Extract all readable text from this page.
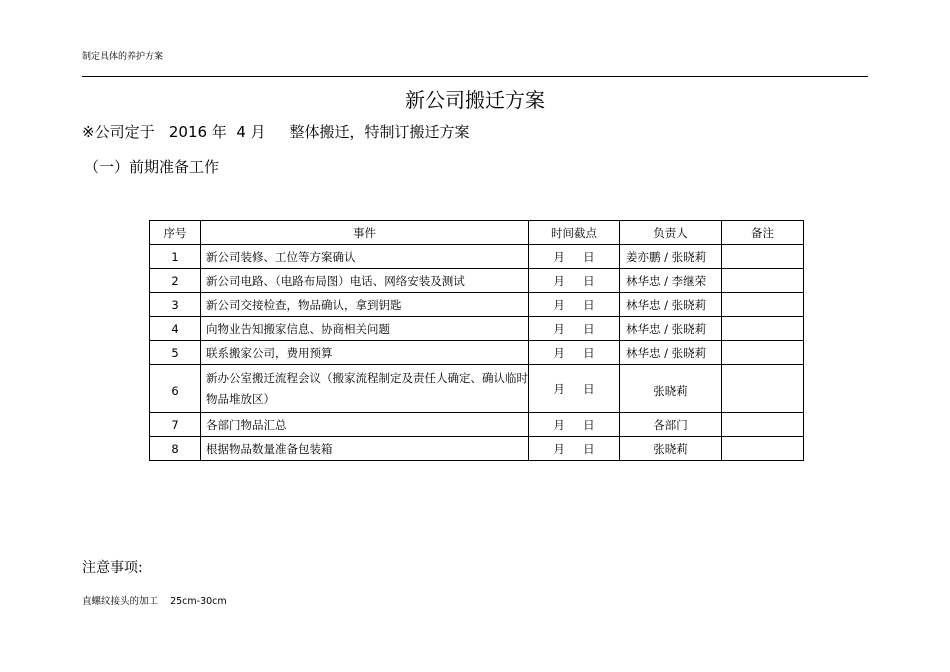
制定具体的养护方案
新公司搬迁方案
※公司定于   2016 年  4 月     整体搬迁，特制订搬迁方案
（一）前期准备工作
序号	事件	时间截点	负责人	备注
1	新公司装修、工位等方案确认	月     日	姜亦鹏 / 张晓莉	
2	新公司电路、（电路布局图）电话、网络安装及测试	月     日	林华忠 / 李继荣	
3	新公司交接检查，物品确认，拿到钥匙	月     日	林华忠 / 张晓莉	
4	向物业告知搬家信息、协商相关问题	月     日	林华忠 / 张晓莉	
5	联系搬家公司，费用预算	月     日	林华忠 / 张晓莉	
6	新办公室搬迁流程会议（搬家流程制定及责任人确定、确认临时物品堆放区）	月     日	张晓莉	
7	各部门物品汇总	月     日	各部门	
8	根据物品数量准备包装箱	月     日	张晓莉	
注意事项:
直螺纹接头的加工    25cm-30cm
